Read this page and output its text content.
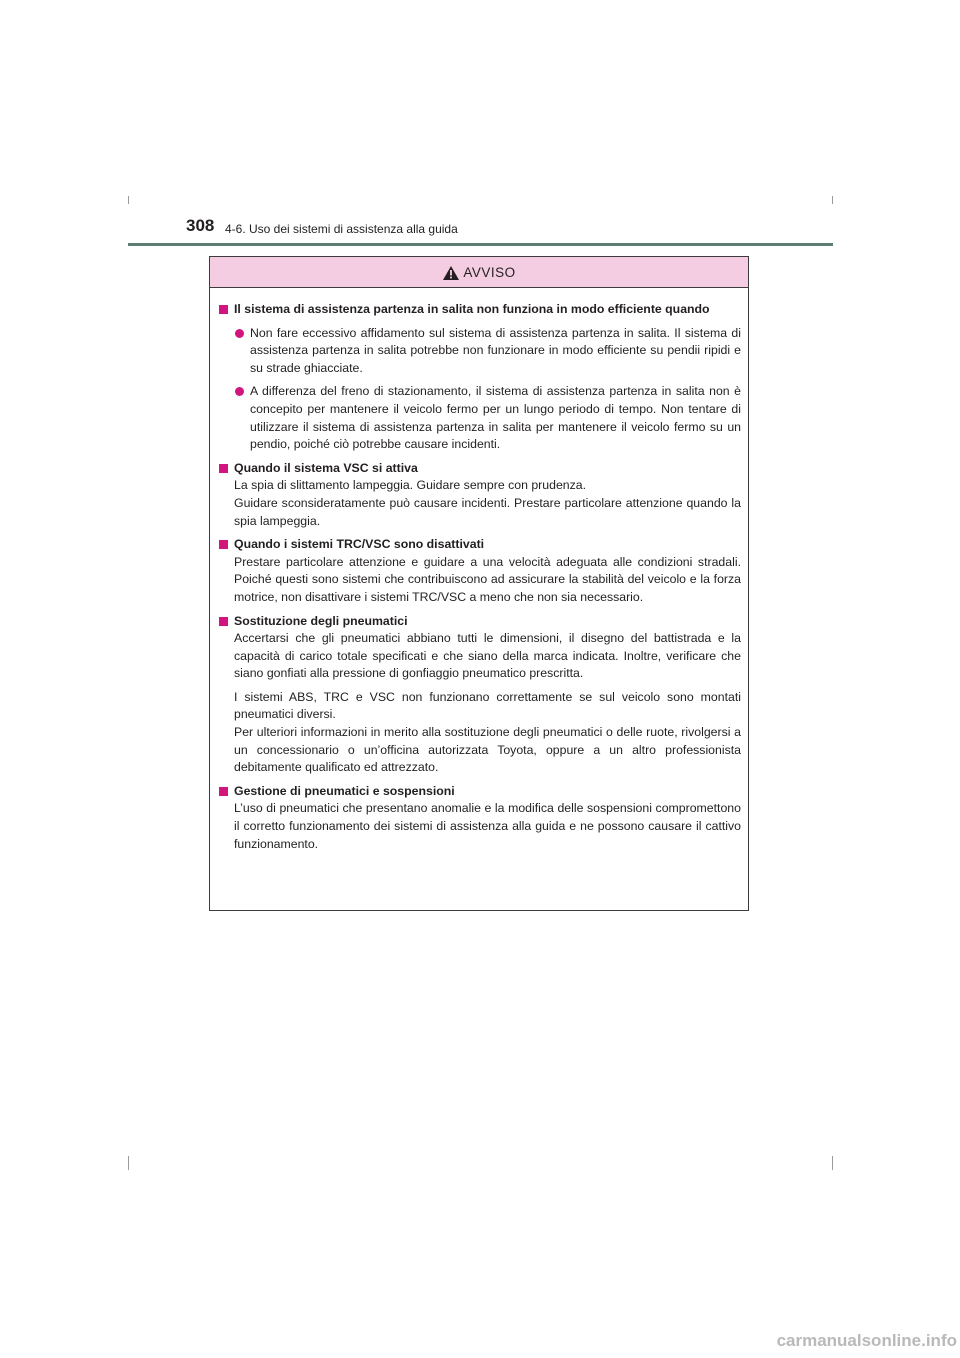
308 4-6. Uso dei sistemi di assistenza alla guida
AVVISO
Il sistema di assistenza partenza in salita non funziona in modo efficiente quando
Non fare eccessivo affidamento sul sistema di assistenza partenza in salita. Il sistema di assistenza partenza in salita potrebbe non funzionare in modo efficiente su pendii ripidi e su strade ghiacciate.
A differenza del freno di stazionamento, il sistema di assistenza partenza in salita non è concepito per mantenere il veicolo fermo per un lungo periodo di tempo. Non tentare di utilizzare il sistema di assistenza partenza in salita per mantenere il veicolo fermo su un pendio, poiché ciò potrebbe causare incidenti.
Quando il sistema VSC si attiva
La spia di slittamento lampeggia. Guidare sempre con prudenza.
Guidare sconsideratamente può causare incidenti. Prestare particolare attenzione quando la spia lampeggia.
Quando i sistemi TRC/VSC sono disattivati
Prestare particolare attenzione e guidare a una velocità adeguata alle condizioni stradali. Poiché questi sono sistemi che contribuiscono ad assicurare la stabilità del veicolo e la forza motrice, non disattivare i sistemi TRC/VSC a meno che non sia necessario.
Sostituzione degli pneumatici
Accertarsi che gli pneumatici abbiano tutti le dimensioni, il disegno del battistrada e la capacità di carico totale specificati e che siano della marca indicata. Inoltre, verificare che siano gonfiati alla pressione di gonfiaggio pneumatico prescritta.
I sistemi ABS, TRC e VSC non funzionano correttamente se sul veicolo sono montati pneumatici diversi.
Per ulteriori informazioni in merito alla sostituzione degli pneumatici o delle ruote, rivolgersi a un concessionario o un’officina autorizzata Toyota, oppure a un altro professionista debitamente qualificato ed attrezzato.
Gestione di pneumatici e sospensioni
L’uso di pneumatici che presentano anomalie e la modifica delle sospensioni compromettono il corretto funzionamento dei sistemi di assistenza alla guida e ne possono causare il cattivo funzionamento.
carmanualsonline.info
